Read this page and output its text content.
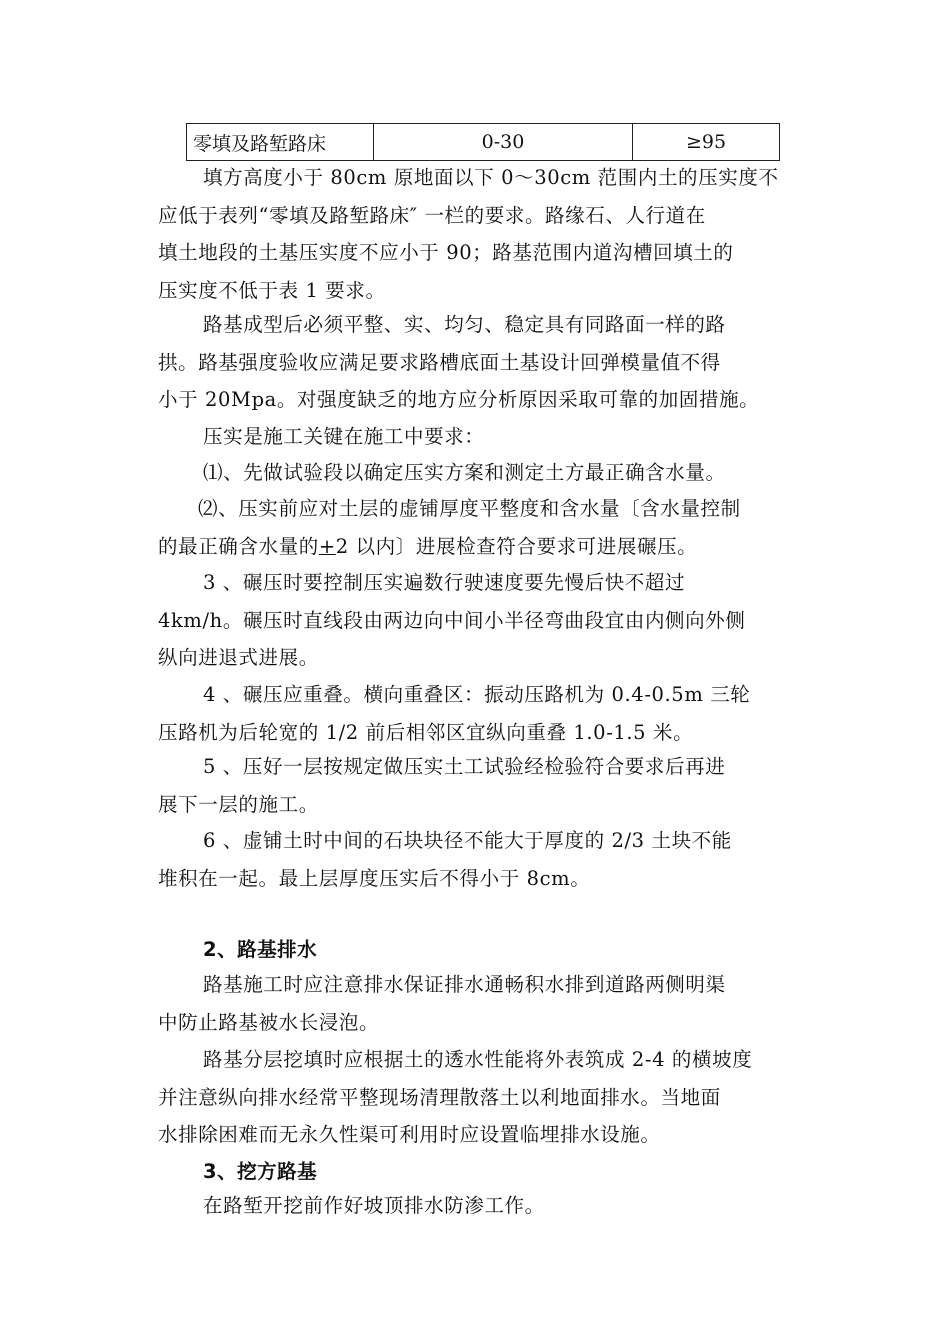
零填及路堑路床	0-30	≥95
填方高度小于 80cm 原地面以下 0～30cm 范围内土的压实度不
应低于表列“零填及路堑路床″ 一栏的要求。路缘石、人行道在
填土地段的土基压实度不应小于 90；路基范围内道沟槽回填土的
压实度不低于表 1 要求。
路基成型后必须平整、实、均匀、稳定具有同路面一样的路
拱。路基强度验收应满足要求路槽底面土基设计回弹模量值不得
小于 20Mpa。对强度缺乏的地方应分析原因采取可靠的加固措施。
压实是施工关键在施工中要求：
⑴、先做试验段以确定压实方案和测定土方最正确含水量。
⑵、压实前应对土层的虚铺厚度平整度和含水量〔含水量控制
的最正确含水量的+2 以内〕进展检查符合要求可进展碾压。
3 、碾压时要控制压实遍数行驶速度要先慢后快不超过
4km/h。碾压时直线段由两边向中间小半径弯曲段宜由内侧向外侧
纵向进退式进展。
4 、碾压应重叠。横向重叠区：振动压路机为 0.4-0.5m 三轮
压路机为后轮宽的 1/2 前后相邻区宜纵向重叠 1.0-1.5 米。
5 、压好一层按规定做压实土工试验经检验符合要求后再进
展下一层的施工。
6 、虚铺土时中间的石块块径不能大于厚度的 2/3 土块不能
堆积在一起。最上层厚度压实后不得小于 8cm。
2、路基排水
路基施工时应注意排水保证排水通畅积水排到道路两侧明渠
中防止路基被水长浸泡。
路基分层挖填时应根据土的透水性能将外表筑成 2-4 的横坡度
并注意纵向排水经常平整现场清理散落土以利地面排水。当地面
水排除困难而无永久性渠可利用时应设置临埋排水设施。
3、挖方路基
在路堑开挖前作好坡顶排水防渗工作。
